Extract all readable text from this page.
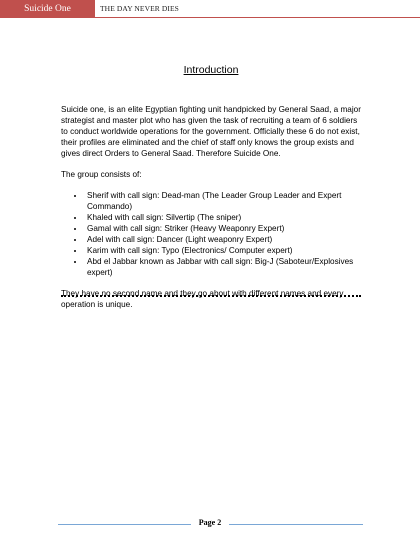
Suicide One	THE DAY NEVER DIES
Introduction

Suicide one, is an elite Egyptian fighting unit handpicked by General Saad, a major strategist and master plot who has given the task of recruiting a team of 6 soldiers to conduct worldwide operations for the government. Officially these 6 do not exist, their profiles are eliminated and the chief of staff only knows the group exists and gives direct Orders to General Saad. Therefore Suicide One.

The group consists of:

• Sherif with call sign: Dead-man (The Leader Group Leader and Expert Commando)
• Khaled with call sign: Silvertip (The sniper)
• Gamal with call sign: Striker (Heavy Weaponry Expert)
• Adel with call sign: Dancer (Light weaponry Expert)
• Karim with call sign: Typo (Electronics/ Computer expert)
• Abd el Jabbar known as Jabbar with call sign: Big-J (Saboteur/Explosives expert)

They have no second name and they go about with different names and every operation is unique.

Page 2
